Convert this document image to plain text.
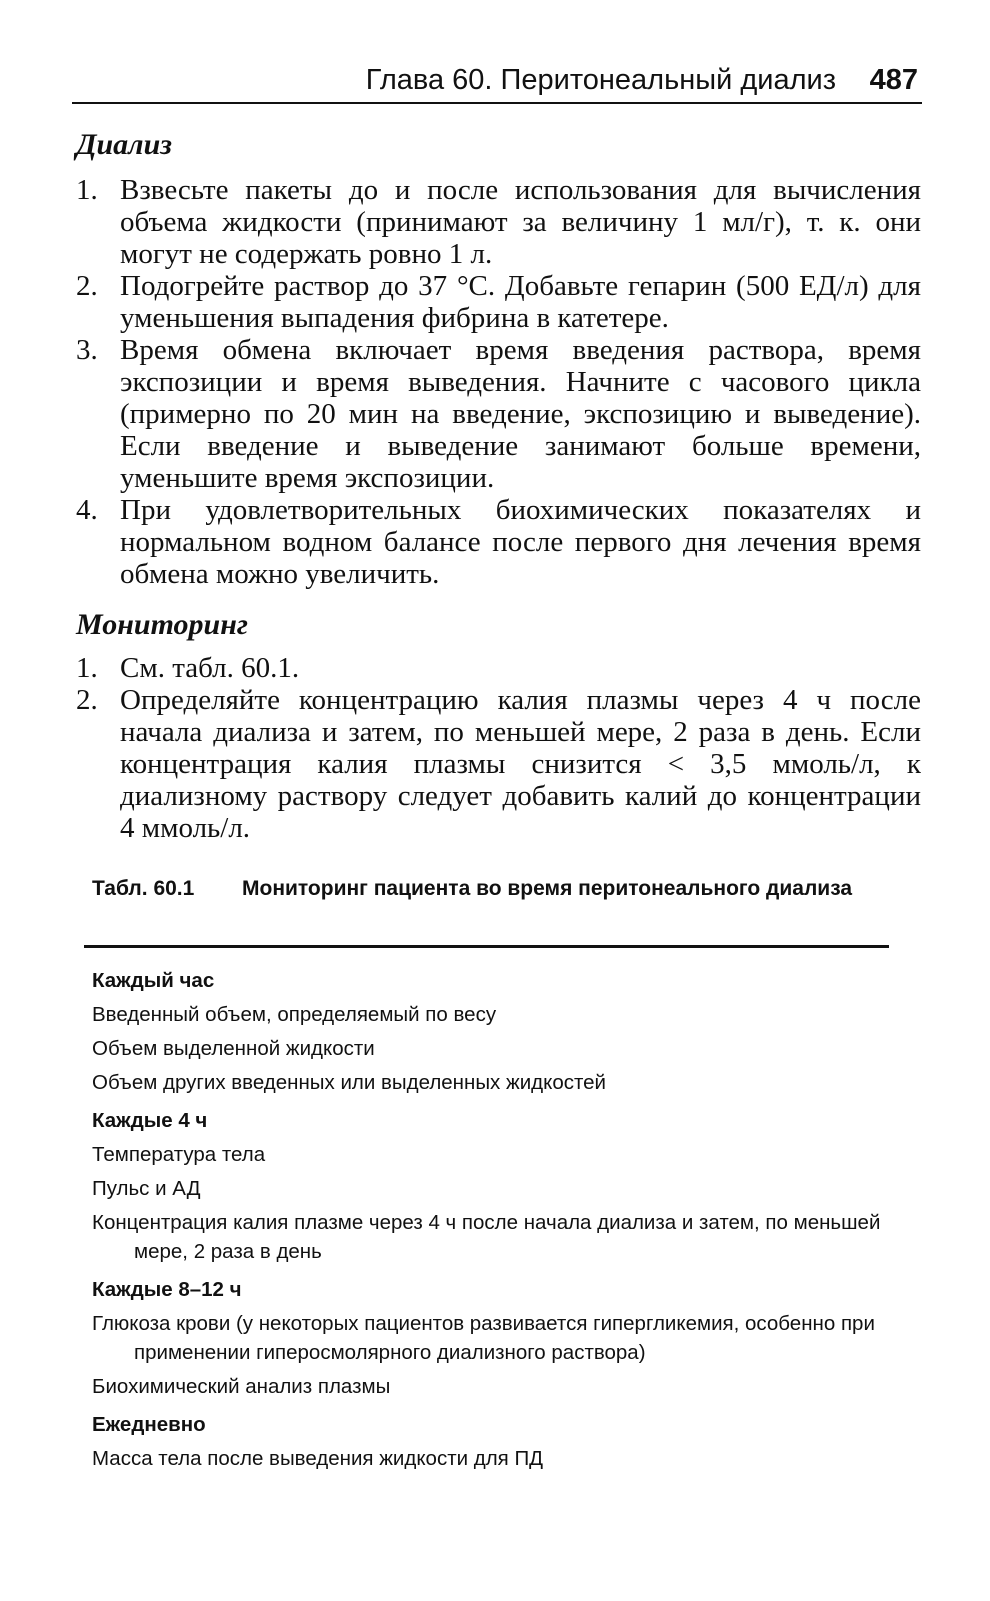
Глава 60. Перитонеальный диализ 487
Диализ
1. Взвесьте пакеты до и после использования для вычисления объема жидкости (принимают за величину 1 мл/г), т. к. они могут не содержать ровно 1 л.
2. Подогрейте раствор до 37 °С. Добавьте гепарин (500 ЕД/л) для уменьшения выпадения фибрина в катетере.
3. Время обмена включает время введения раствора, время экспозиции и время выведения. Начните с часового цикла (примерно по 20 мин на введение, экспозицию и выведение). Если введение и выведение занимают больше времени, уменьшите время экспозиции.
4. При удовлетворительных биохимических показателях и нормальном водном балансе после первого дня лечения время обмена можно увеличить.
Мониторинг
1. См. табл. 60.1.
2. Определяйте концентрацию калия плазмы через 4 ч после начала диализа и затем, по меньшей мере, 2 раза в день. Если концентрация калия плазмы снизится < 3,5 ммоль/л, к диализному раствору следует добавить калий до концентрации 4 ммоль/л.
Табл. 60.1 Мониторинг пациента во время перитонеального диализа
Каждый час
Введенный объем, определяемый по весу
Объем выделенной жидкости
Объем других введенных или выделенных жидкостей
Каждые 4 ч
Температура тела
Пульс и АД
Концентрация калия плазме через 4 ч после начала диализа и затем, по меньшей мере, 2 раза в день
Каждые 8–12 ч
Глюкоза крови (у некоторых пациентов развивается гипергликемия, особенно при применении гиперосмолярного диализного раствора)
Биохимический анализ плазмы
Ежедневно
Масса тела после выведения жидкости для ПД
